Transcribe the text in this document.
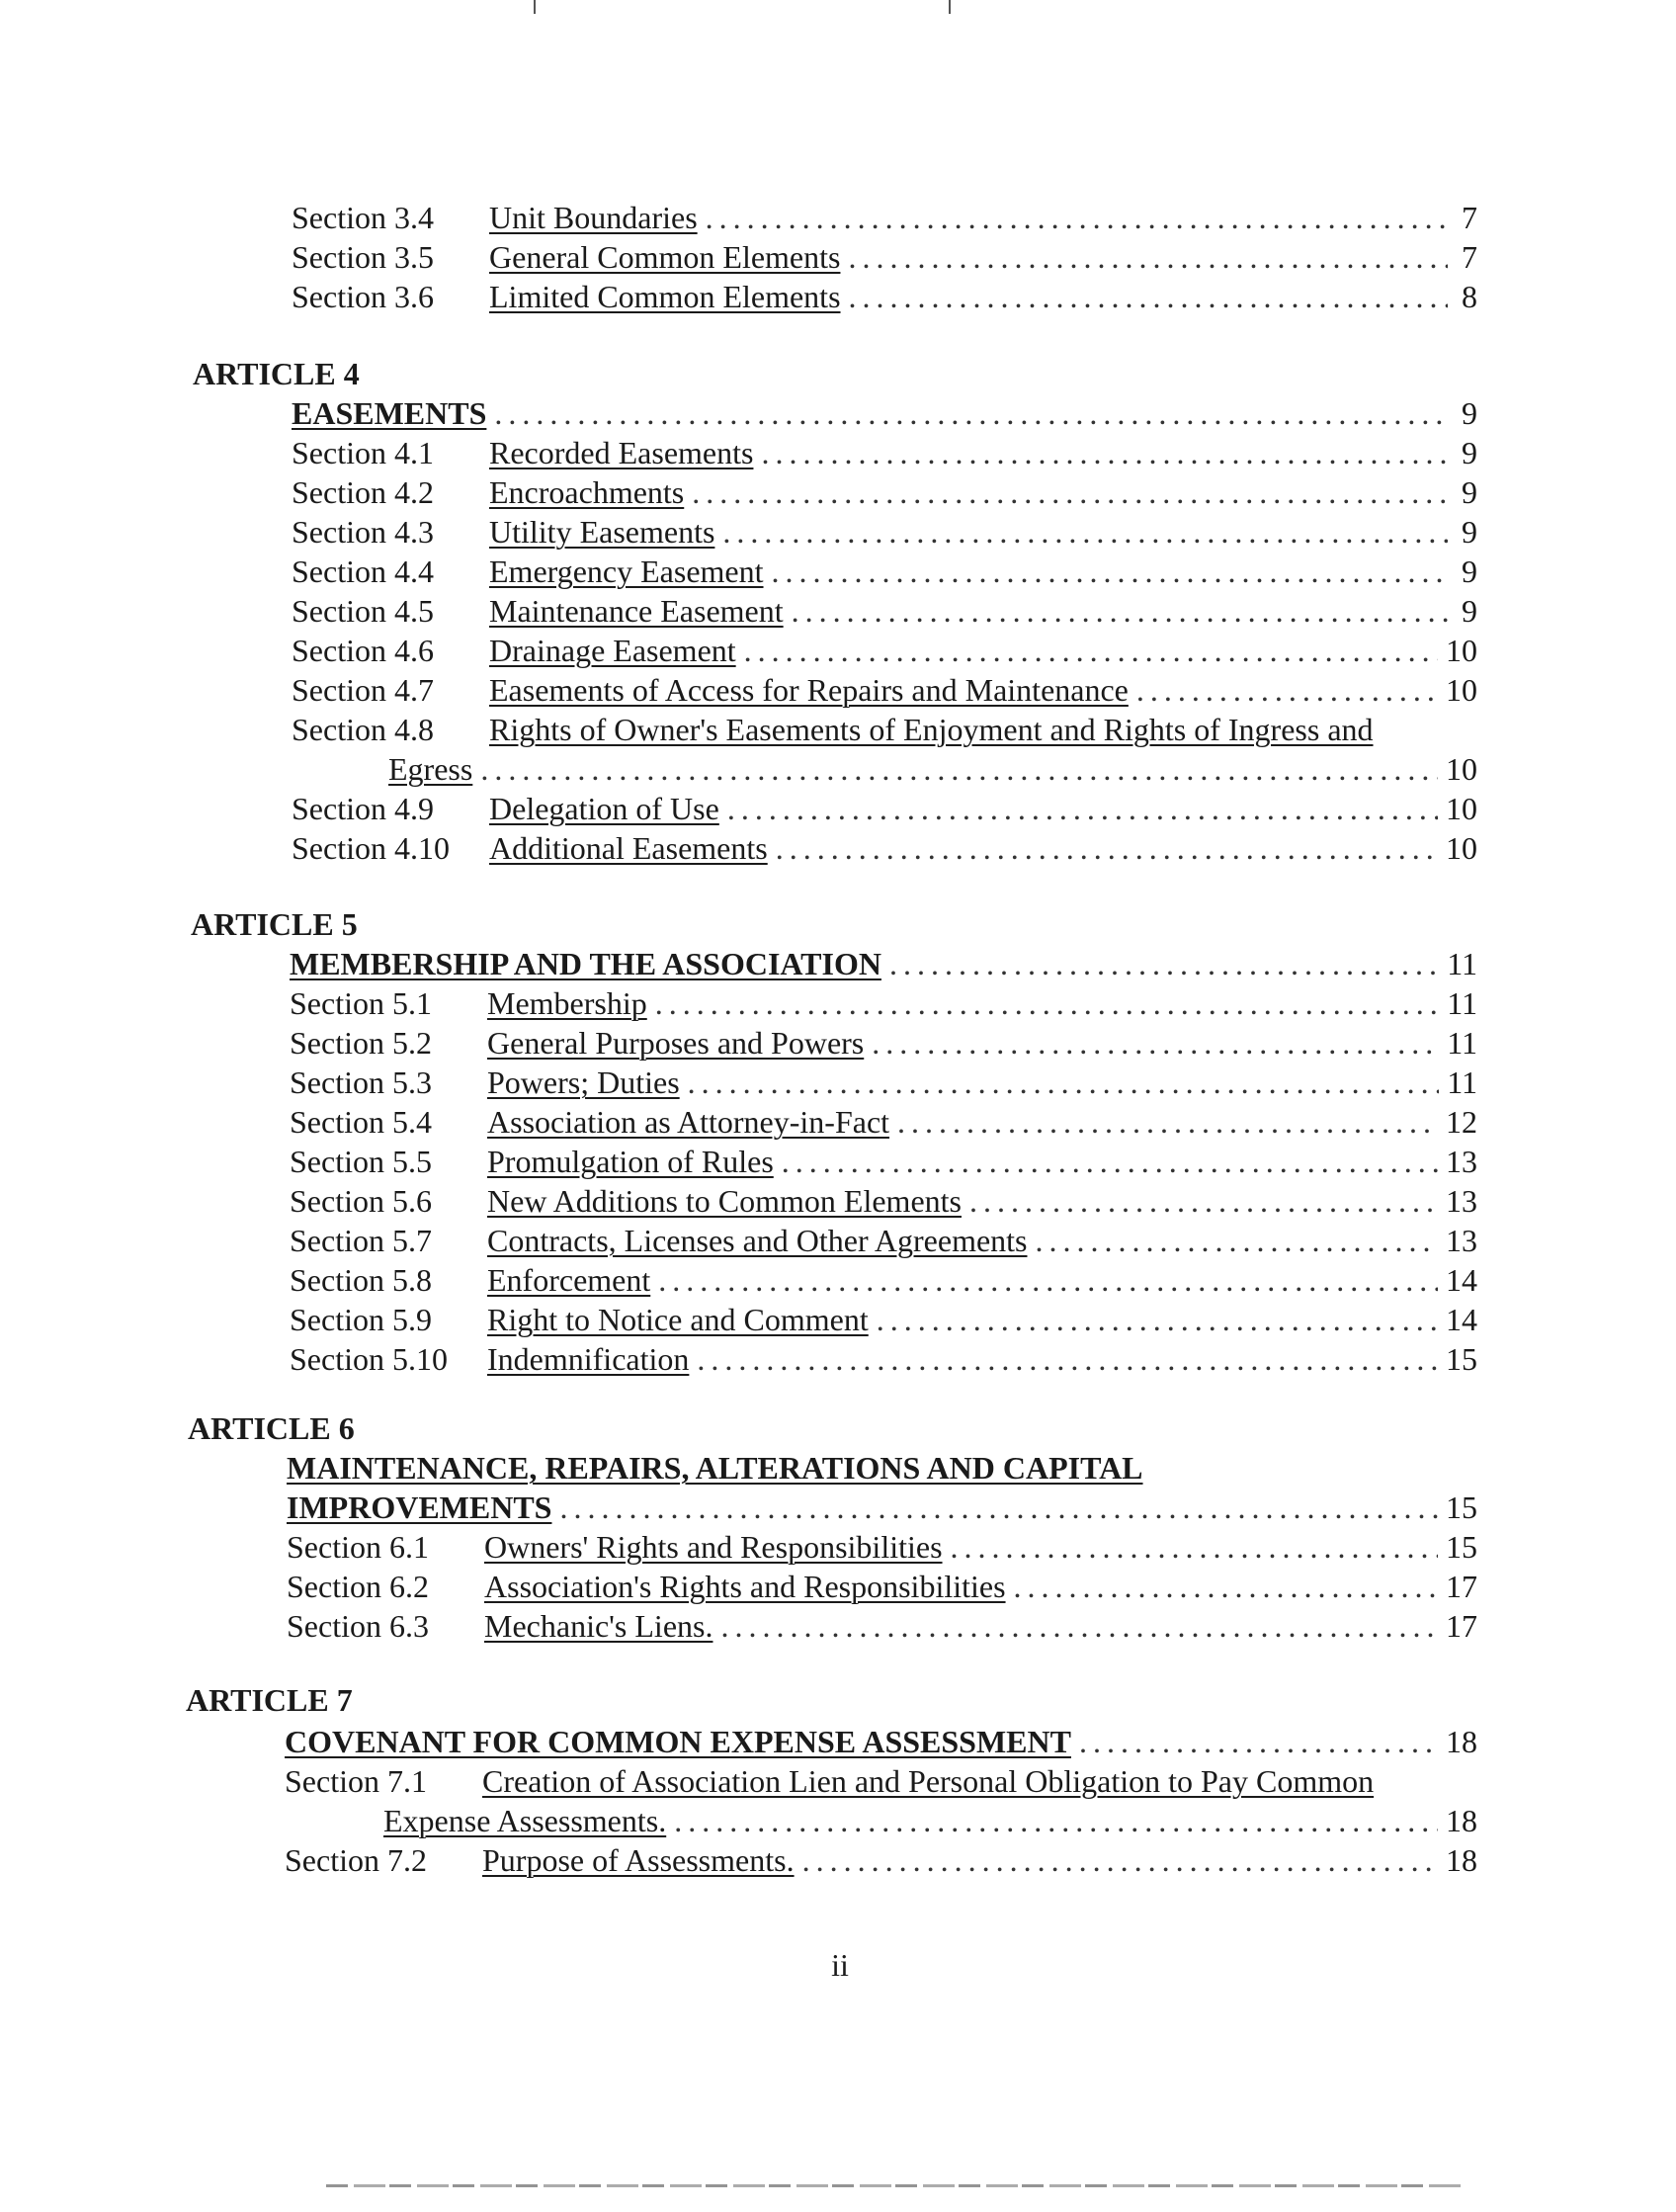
Section 3.4	Unit Boundaries .....	7
Section 3.5	General Common Elements .....	7
Section 3.6	Limited Common Elements .....	8
ARTICLE 4
EASEMENTS .....	9
Section 4.1	Recorded Easements .....	9
Section 4.2	Encroachments .....	9
Section 4.3	Utility Easements .....	9
Section 4.4	Emergency Easement .....	9
Section 4.5	Maintenance Easement .....	9
Section 4.6	Drainage Easement .....	10
Section 4.7	Easements of Access for Repairs and Maintenance .....	10
Section 4.8	Rights of Owner's Easements of Enjoyment and Rights of Ingress and
Egress .....	10
Section 4.9	Delegation of Use .....	10
Section 4.10	Additional Easements .....	10
ARTICLE 5
MEMBERSHIP AND THE ASSOCIATION .....	11
Section 5.1	Membership .....	11
Section 5.2	General Purposes and Powers .....	11
Section 5.3	Powers; Duties .....	11
Section 5.4	Association as Attorney-in-Fact .....	12
Section 5.5	Promulgation of Rules .....	13
Section 5.6	New Additions to Common Elements .....	13
Section 5.7	Contracts, Licenses and Other Agreements .....	13
Section 5.8	Enforcement .....	14
Section 5.9	Right to Notice and Comment .....	14
Section 5.10	Indemnification .....	15
ARTICLE 6
MAINTENANCE, REPAIRS, ALTERATIONS AND CAPITAL
IMPROVEMENTS .....	15
Section 6.1	Owners' Rights and Responsibilities .....	15
Section 6.2	Association's Rights and Responsibilities .....	17
Section 6.3	Mechanic's Liens. .....	17
ARTICLE 7
COVENANT FOR COMMON EXPENSE ASSESSMENT .....	18
Section 7.1	Creation of Association Lien and Personal Obligation to Pay Common
Expense Assessments. .....	18
Section 7.2	Purpose of Assessments. .....	18
ii
